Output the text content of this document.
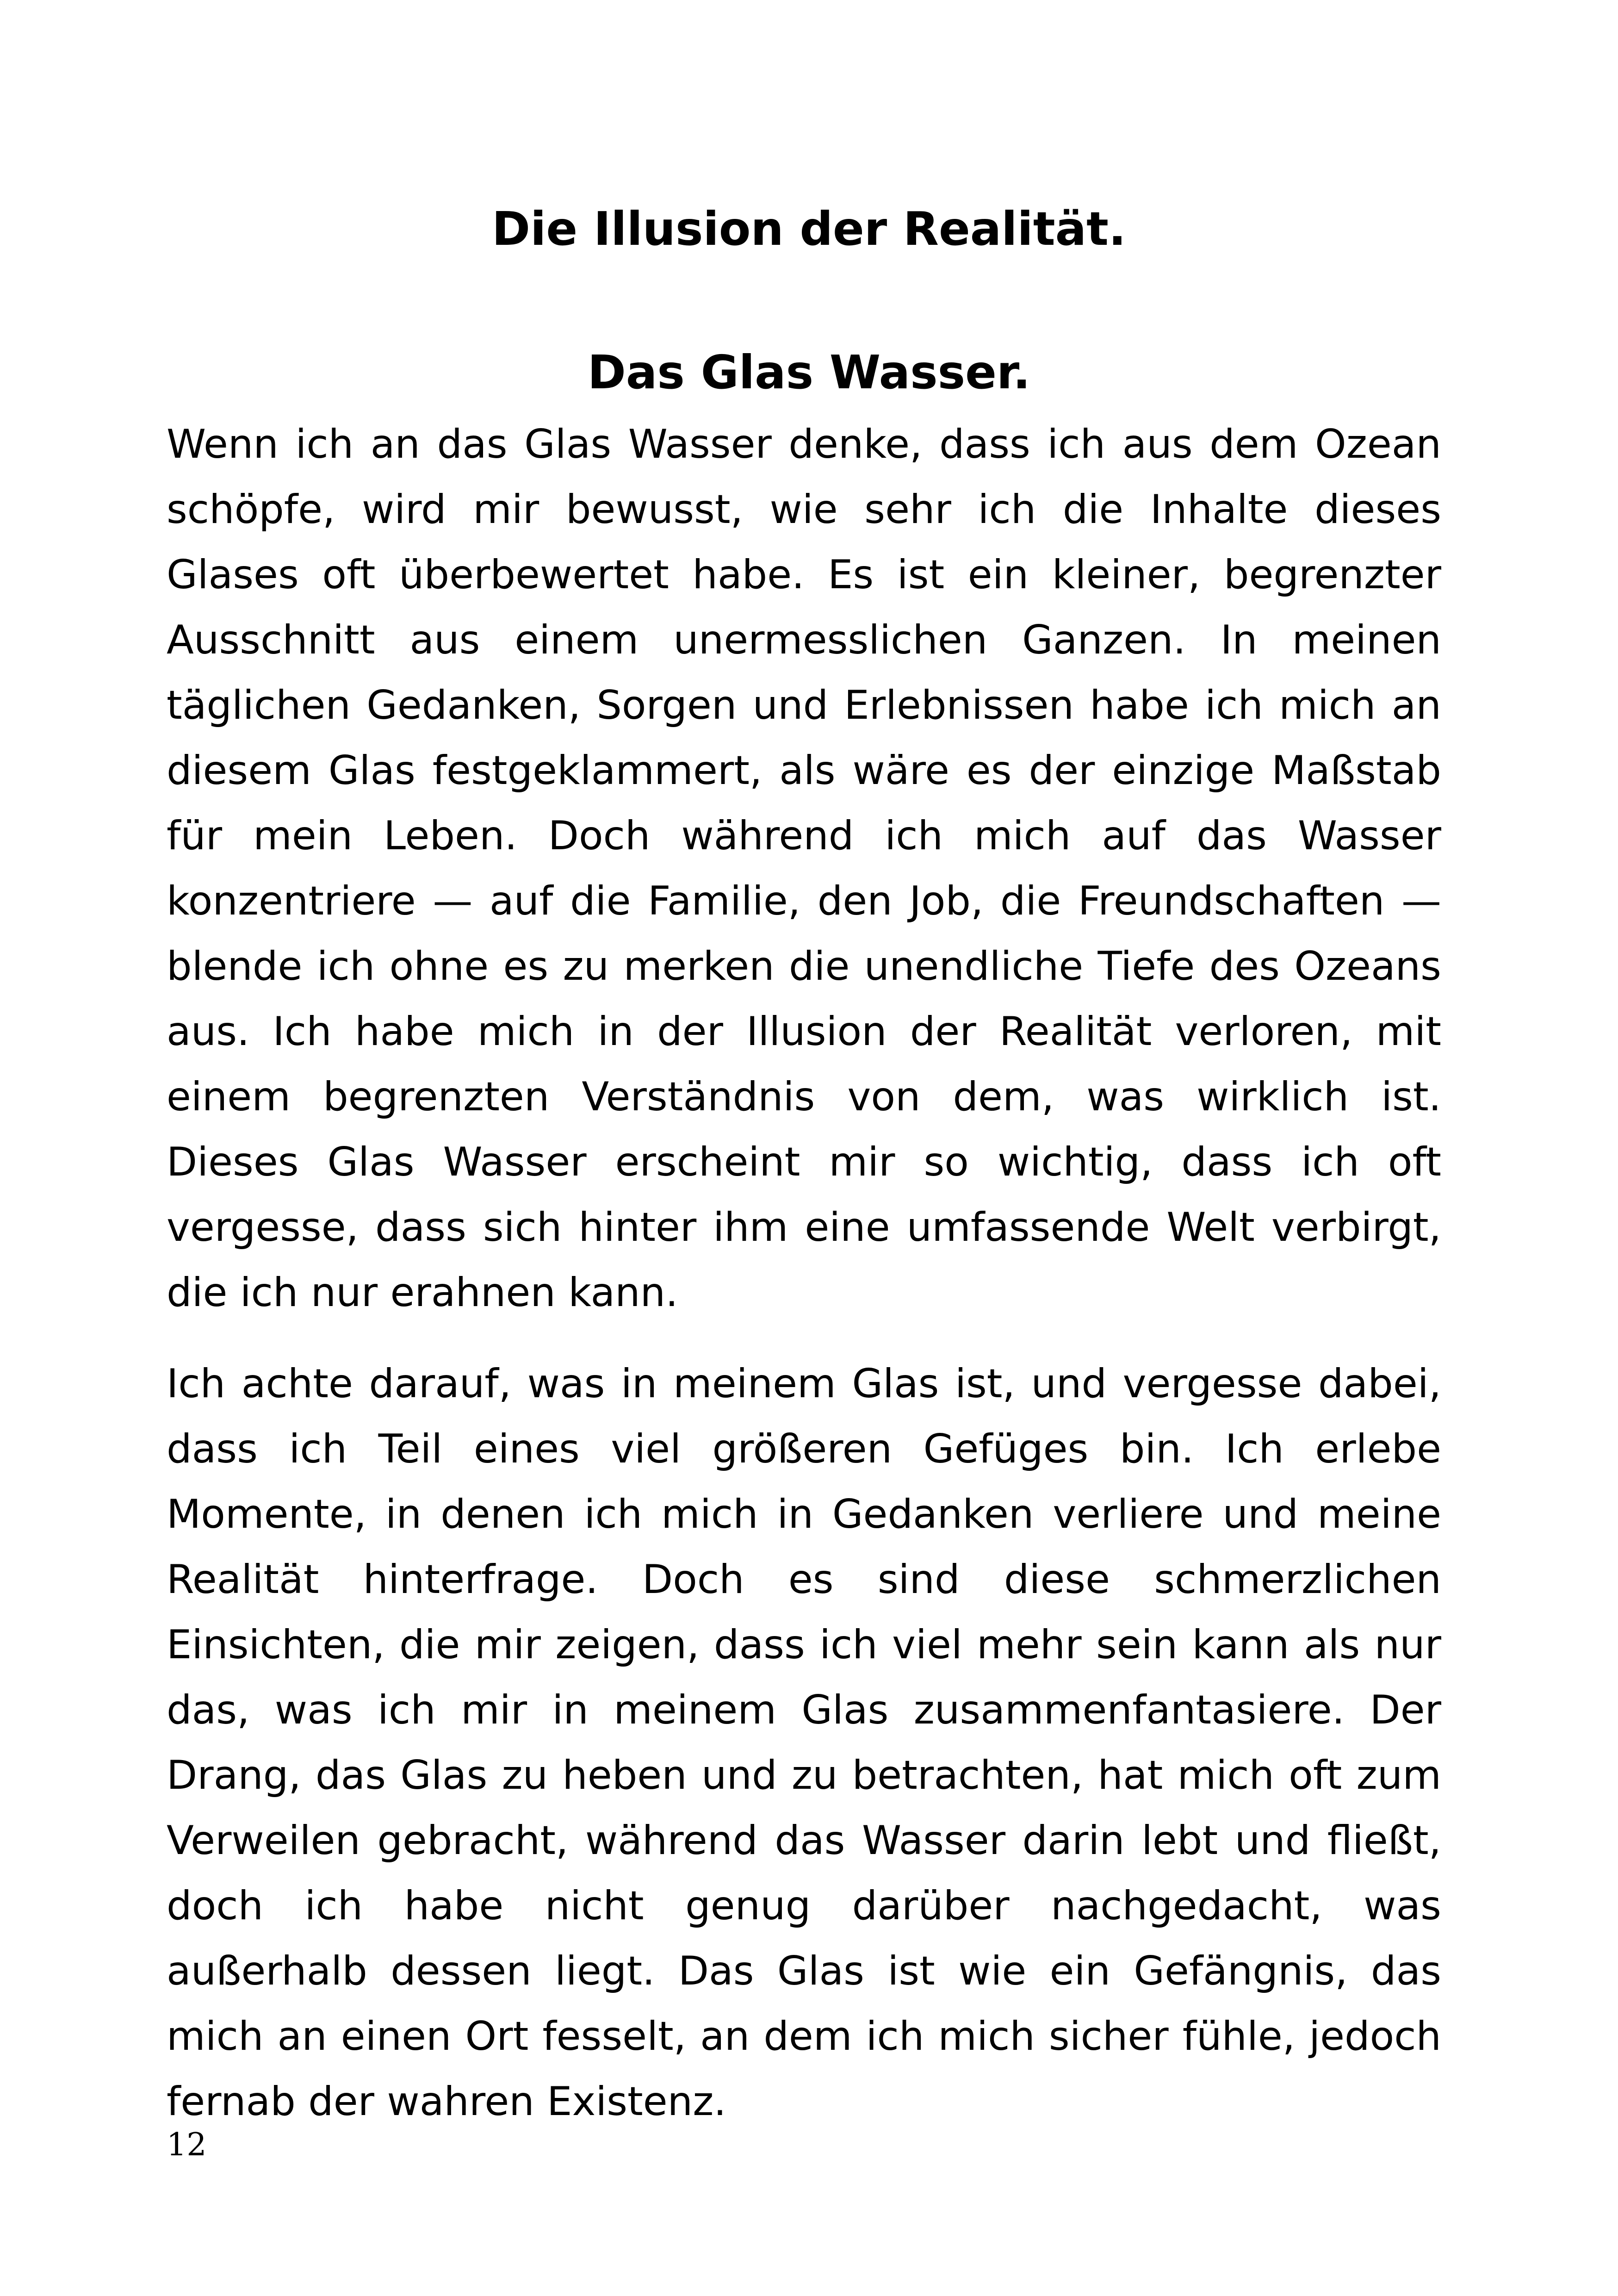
Die Illusion der Realität.
Das Glas Wasser.

Wenn ich an das Glas Wasser denke, dass ich aus dem Ozean schöpfe, wird mir bewusst, wie sehr ich die Inhalte dieses Glases oft überbewertet habe. Es ist ein kleiner, begrenzter Ausschnitt aus einem unermesslichen Ganzen. In meinen täglichen Gedanken, Sorgen und Erlebnissen habe ich mich an diesem Glas festgeklammert, als wäre es der einzige Maßstab für mein Leben. Doch während ich mich auf das Wasser konzentriere — auf die Familie, den Job, die Freundschaften — blende ich ohne es zu merken die unendliche Tiefe des Ozeans aus. Ich habe mich in der Illusion der Realität verloren, mit einem begrenzten Verständnis von dem, was wirklich ist. Dieses Glas Wasser erscheint mir so wichtig, dass ich oft vergesse, dass sich hinter ihm eine umfassende Welt verbirgt, die ich nur erahnen kann.

Ich achte darauf, was in meinem Glas ist, und vergesse dabei, dass ich Teil eines viel größeren Gefüges bin. Ich erlebe Momente, in denen ich mich in Gedanken verliere und meine Realität hinterfrage. Doch es sind diese schmerzlichen Einsichten, die mir zeigen, dass ich viel mehr sein kann als nur das, was ich mir in meinem Glas zusammenfantasiere. Der Drang, das Glas zu heben und zu betrachten, hat mich oft zum Verweilen gebracht, während das Wasser darin lebt und fließt, doch ich habe nicht genug darüber nachgedacht, was außerhalb dessen liegt. Das Glas ist wie ein Gefängnis, das mich an einen Ort fesselt, an dem ich mich sicher fühle, jedoch fernab der wahren Existenz.

12
